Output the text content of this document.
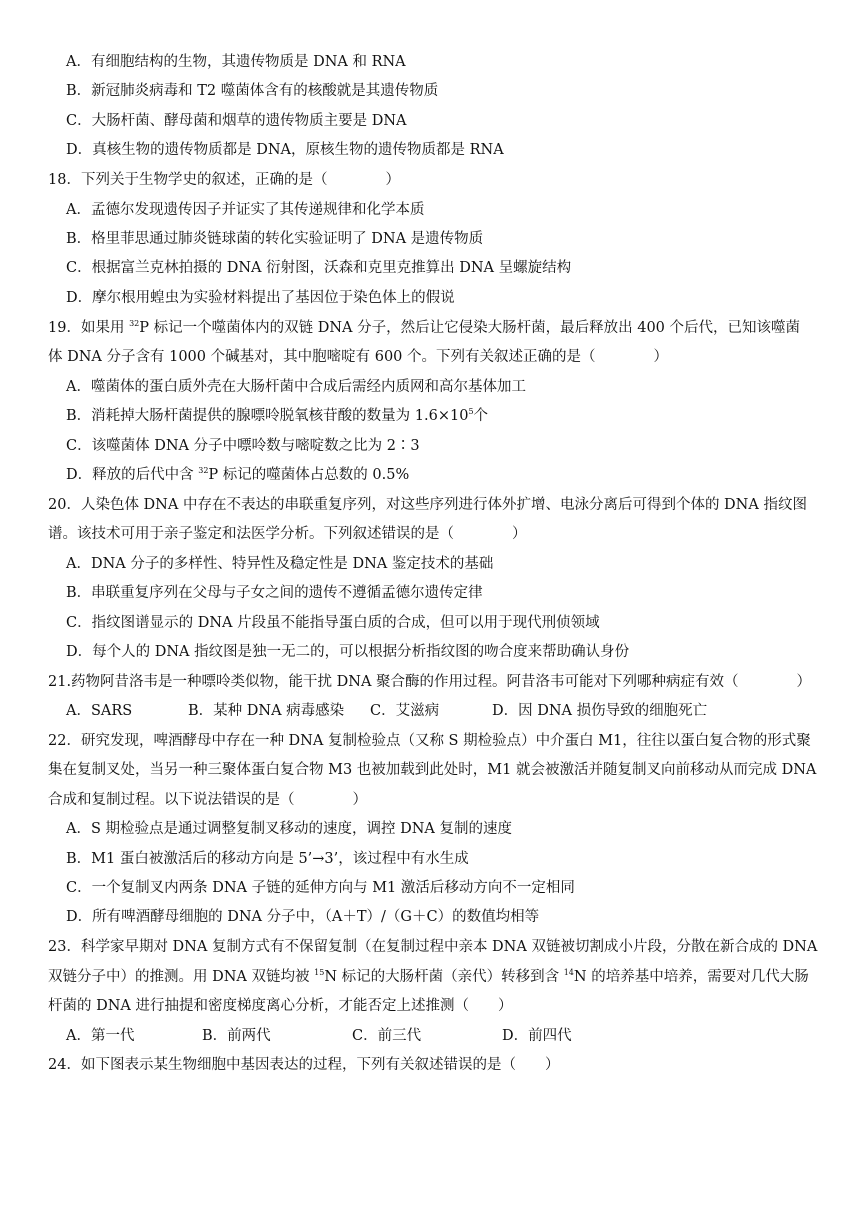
A．有细胞结构的生物，其遗传物质是 DNA 和 RNA
B．新冠肺炎病毒和 T2 噬菌体含有的核酸就是其遗传物质
C．大肠杆菌、酵母菌和烟草的遗传物质主要是 DNA
D．真核生物的遗传物质都是 DNA，原核生物的遗传物质都是 RNA
18．下列关于生物学史的叙述，正确的是（　　　　）
A．孟德尔发现遗传因子并证实了其传递规律和化学本质
B．格里菲思通过肺炎链球菌的转化实验证明了 DNA 是遗传物质
C．根据富兰克林拍摄的 DNA 衍射图，沃森和克里克推算出 DNA 呈螺旋结构
D．摩尔根用蝗虫为实验材料提出了基因位于染色体上的假说
19．如果用 $^{32}$P 标记一个噬菌体内的双链 DNA 分子，然后让它侵染大肠杆菌，最后释放出 400 个后代，已知该噬菌
体 DNA 分子含有 1000 个碱基对，其中胞嘧啶有 600 个。下列有关叙述正确的是（　　　　）
A．噬菌体的蛋白质外壳在大肠杆菌中合成后需经内质网和高尔基体加工
B．消耗掉大肠杆菌提供的腺嘌呤脱氧核苷酸的数量为 $1.6\times 10^5$个
C．该噬菌体 DNA 分子中嘌呤数与嘧啶数之比为 2∶3
D．释放的后代中含 $^{32}$P 标记的噬菌体占总数的 0.5%
20．人染色体 DNA 中存在不表达的串联重复序列，对这些序列进行体外扩增、电泳分离后可得到个体的 DNA 指纹图
谱。该技术可用于亲子鉴定和法医学分析。下列叙述错误的是（　　　　）
A．DNA 分子的多样性、特异性及稳定性是 DNA 鉴定技术的基础
B．串联重复序列在父母与子女之间的遗传不遵循孟德尔遗传定律
C．指纹图谱显示的 DNA 片段虽不能指导蛋白质的合成，但可以用于现代刑侦领域
D．每个人的 DNA 指纹图是独一无二的，可以根据分析指纹图的吻合度来帮助确认身份
21.药物阿昔洛韦是一种嘌呤类似物，能干扰 DNA 聚合酶的作用过程。阿昔洛韦可能对下列哪种病症有效（　　　　）
A．SARS	B．某种 DNA 病毒感染 C．艾滋病	D．因 DNA 损伤导致的细胞死亡
22．研究发现，啤酒酵母中存在一种 DNA 复制检验点（又称 S 期检验点）中介蛋白 M1，往往以蛋白复合物的形式聚
集在复制叉处，当另一种三聚体蛋白复合物 M3 也被加载到此处时，M1 就会被激活并随复制叉向前移动从而完成 DNA
合成和复制过程。以下说法错误的是（　　　　）
A．S 期检验点是通过调整复制叉移动的速度，调控 DNA 复制的速度
B．M1 蛋白被激活后的移动方向是 5’→3’，该过程中有水生成
C．一个复制叉内两条 DNA 子链的延伸方向与 M1 激活后移动方向不一定相同
D．所有啤酒酵母细胞的 DNA 分子中，（A＋T）/（G＋C）的数值均相等
23．科学家早期对 DNA 复制方式有不保留复制（在复制过程中亲本 DNA 双链被切割成小片段，分散在新合成的 DNA
双链分子中）的推测。用 DNA 双链均被 $^{15}$N 标记的大肠杆菌（亲代）转移到含 $^{14}$N 的培养基中培养，需要对几代大肠
杆菌的 DNA 进行抽提和密度梯度离心分析，才能否定上述推测（　　）
A．第一代	B．前两代	C．前三代	D．前四代
24．如下图表示某生物细胞中基因表达的过程，下列有关叙述错误的是（　　）
